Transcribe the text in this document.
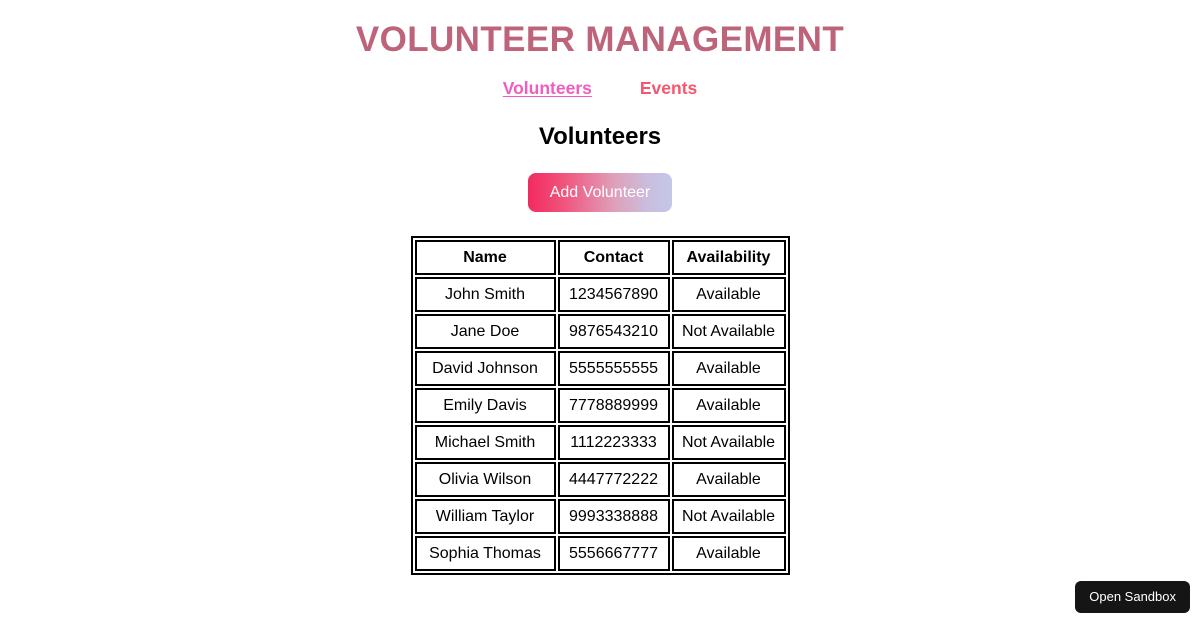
VOLUNTEER MANAGEMENT
Volunteers	Events
Volunteers
Add Volunteer
Name	Contact	Availability
John Smith	1234567890	Available
Jane Doe	9876543210	Not Available
David Johnson	5555555555	Available
Emily Davis	7778889999	Available
Michael Smith	1112223333	Not Available
Olivia Wilson	4447772222	Available
William Taylor	9993338888	Not Available
Sophia Thomas	5556667777	Available
Open Sandbox
